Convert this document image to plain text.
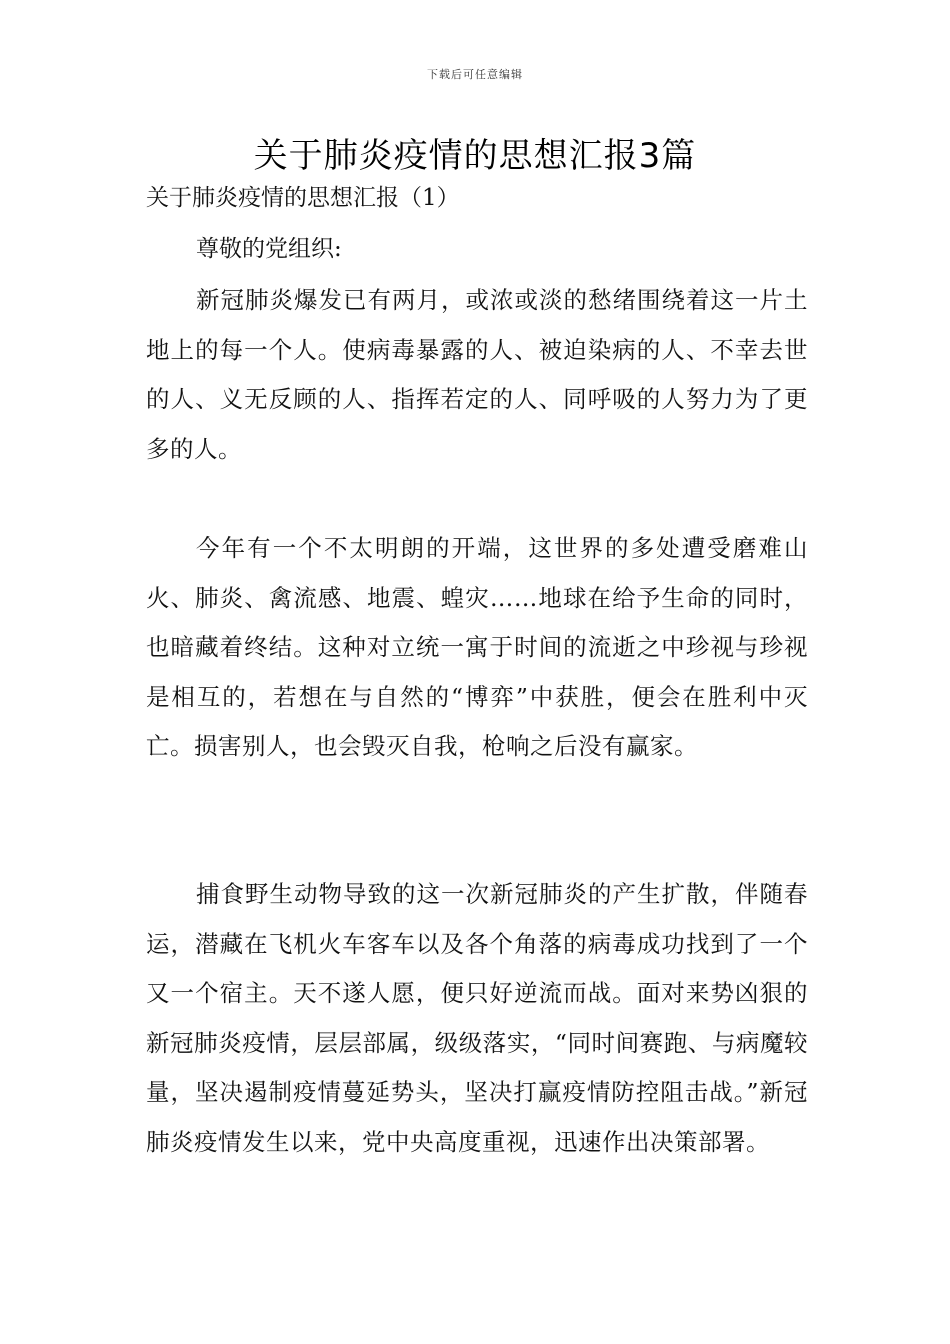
下载后可任意编辑
关于肺炎疫情的思想汇报3篇

关于肺炎疫情的思想汇报（1）

尊敬的党组织:

新冠肺炎爆发已有两月，或浓或淡的愁绪围绕着这一片土地上的每一个人。使病毒暴露的人、被迫染病的人、不幸去世的人、义无反顾的人、指挥若定的人、同呼吸的人努力为了更多的人。

今年有一个不太明朗的开端，这世界的多处遭受磨难山火、肺炎、禽流感、地震、蝗灾……地球在给予生命的同时，也暗藏着终结。这种对立统一寓于时间的流逝之中珍视与珍视是相互的，若想在与自然的“博弈”中获胜，便会在胜利中灭亡。损害别人，也会毁灭自我，枪响之后没有赢家。

捕食野生动物导致的这一次新冠肺炎的产生扩散，伴随春运，潜藏在飞机火车客车以及各个角落的病毒成功找到了一个又一个宿主。天不遂人愿，便只好逆流而战。面对来势凶狠的新冠肺炎疫情，层层部属，级级落实，“同时间赛跑、与病魔较量，坚决遏制疫情蔓延势头，坚决打赢疫情防控阻击战。”新冠肺炎疫情发生以来，党中央高度重视，迅速作出决策部署。
